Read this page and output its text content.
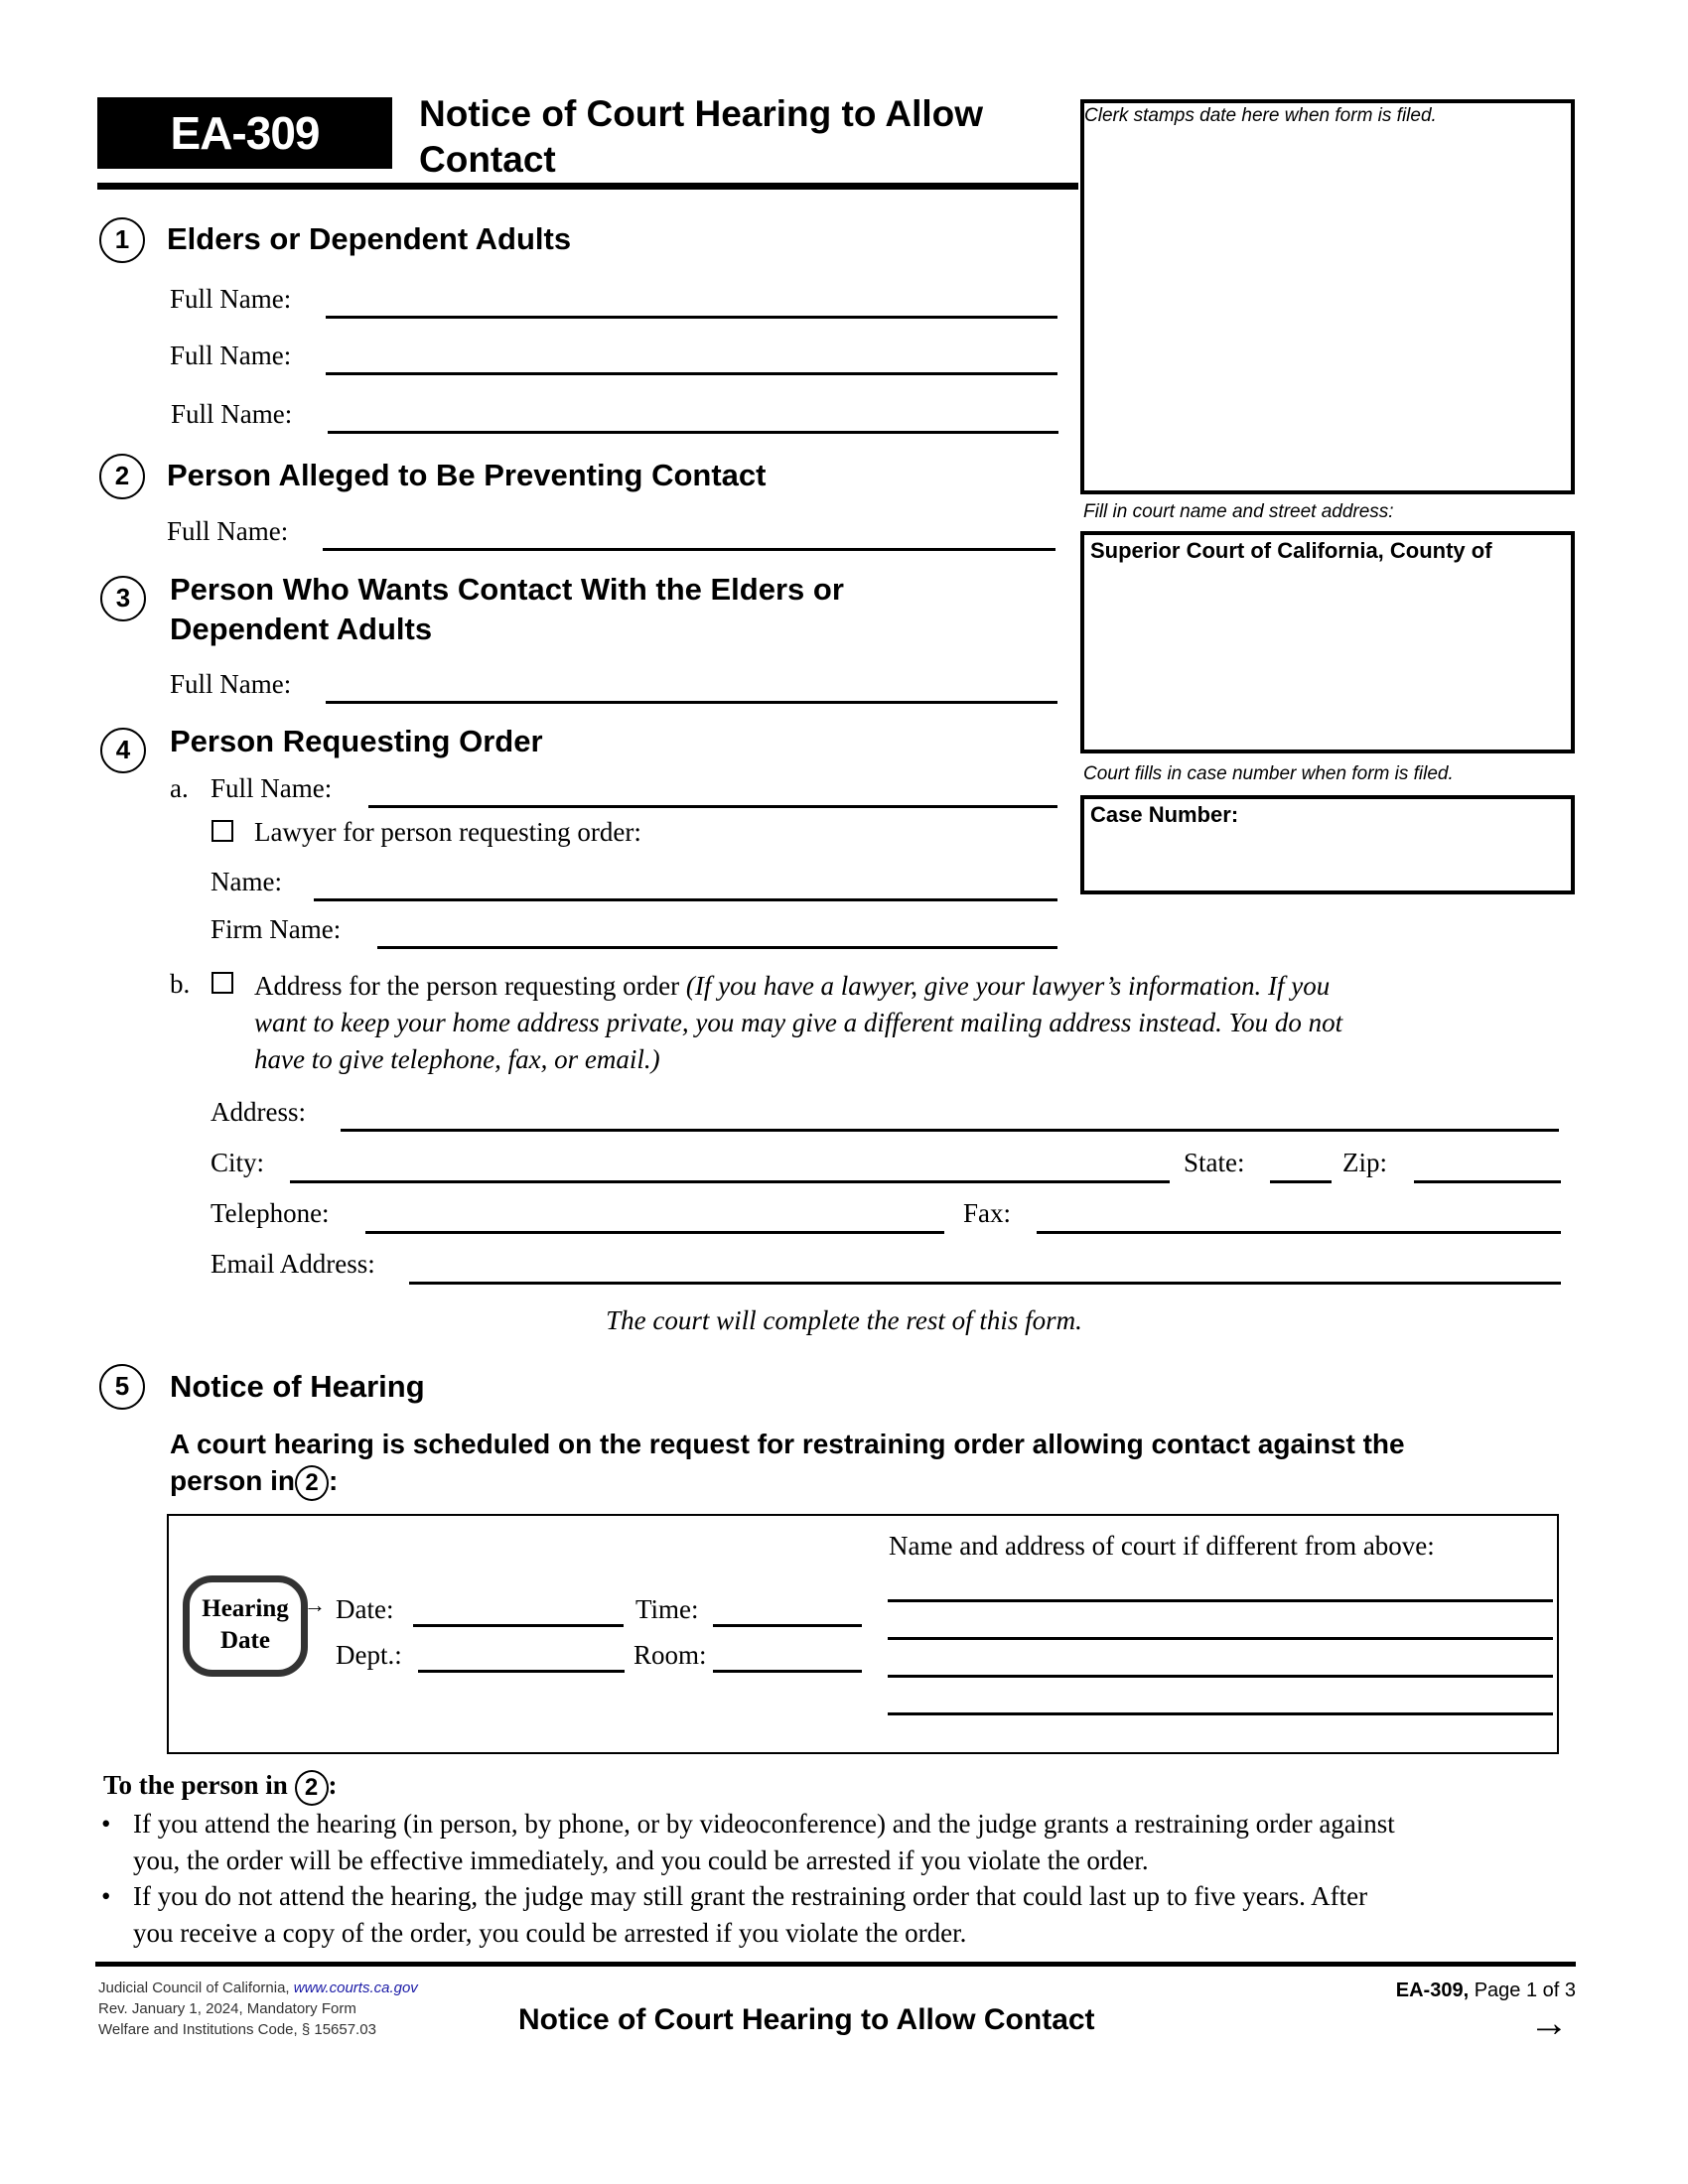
EA-309	Notice of Court Hearing to Allow
Contact
Clerk stamps date here when form is filed.
Fill in court name and street address:
Superior Court of California, County of
Court fills in case number when form is filed.
Case Number:
1	Elders or Dependent Adults
Full Name:
Full Name:
Full Name:
2	Person Alleged to Be Preventing Contact
Full Name:
3	Person Who Wants Contact With the Elders or
Dependent Adults
Full Name:
4	Person Requesting Order
a. Full Name:
Lawyer for person requesting order:
Name:
Firm Name:
b. Address for the person requesting order (If you have a lawyer, give your lawyer’s information. If you
want to keep your home address private, you may give a different mailing address instead. You do not
have to give telephone, fax, or email.)
Address:
City:	State:	Zip:
Telephone:	Fax:
Email Address:
The court will complete the rest of this form.
5	Notice of Hearing
A court hearing is scheduled on the request for restraining order allowing contact against the
person in 2 :
Hearing
Date
→ Date:	Time:
Dept.:	Room:
Name and address of court if different from above:
To the person in 2 :
• If you attend the hearing (in person, by phone, or by videoconference) and the judge grants a restraining order against
you, the order will be effective immediately, and you could be arrested if you violate the order.
• If you do not attend the hearing, the judge may still grant the restraining order that could last up to five years. After
you receive a copy of the order, you could be arrested if you violate the order.
Judicial Council of California, www.courts.ca.gov
Rev. January 1, 2024, Mandatory Form
Welfare and Institutions Code, § 15657.03	Notice of Court Hearing to Allow Contact
EA-309, Page 1 of 3
→
